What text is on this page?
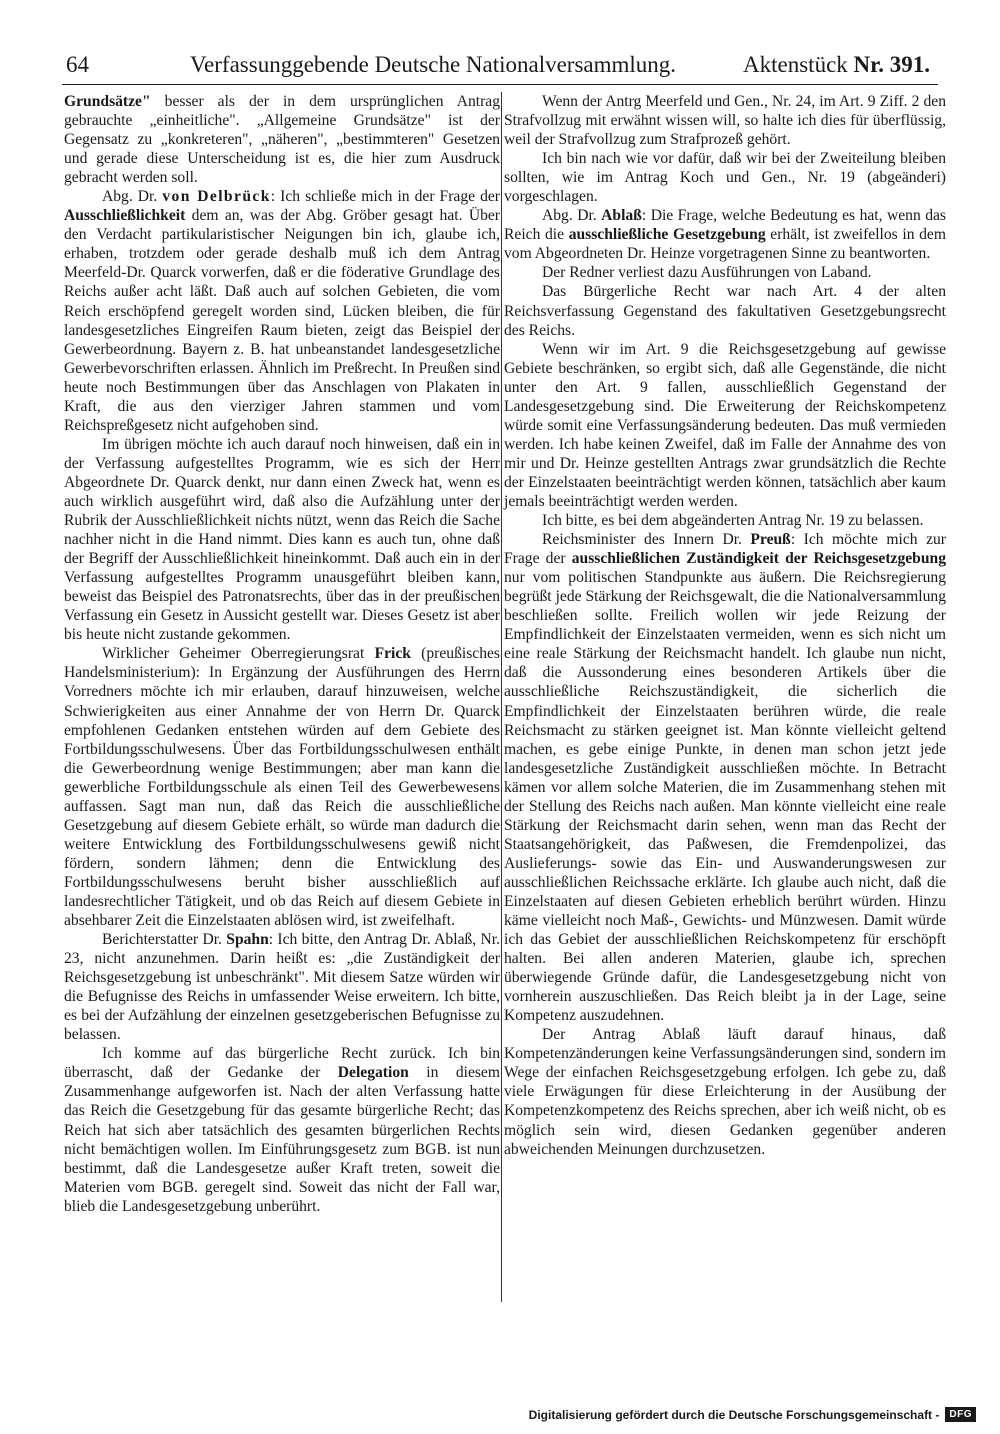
64	Verfassunggebende Deutsche Nationalversammlung.	Aktenstück Nr. 391.

Grundsätze" besser als der in dem ursprünglichen Antrag gebrauchte „einheitliche". „Allgemeine Grundsätze" ist der Gegensatz zu „konkreteren", „näheren", „bestimmteren" Gesetzen und gerade diese Unterscheidung ist es, die hier zum Ausdruck gebracht werden soll.

Abg. Dr. von Delbrück: Ich schließe mich in der Frage der Ausschließlichkeit dem an, was der Abg. Gröber gesagt hat. Über den Verdacht partikularistischer Neigungen bin ich, glaube ich, erhaben, trotzdem oder gerade deshalb muß ich dem Antrag Meerfeld-Dr. Quarck vorwerfen, daß er die föderative Grundlage des Reichs außer acht läßt. Daß auch auf solchen Gebieten, die vom Reich erschöpfend geregelt worden sind, Lücken bleiben, die für landesgesetzliches Eingreifen Raum bieten, zeigt das Beispiel der Gewerbeordnung. Bayern z. B. hat unbeanstandet landesgesetzliche Gewerbevorschriften erlassen. Ähnlich im Preßrecht. In Preußen sind heute noch Bestimmungen über das Anschlagen von Plakaten in Kraft, die aus den vierziger Jahren stammen und vom Reichspreßgesetz nicht aufgehoben sind.

Im übrigen möchte ich auch darauf noch hinweisen, daß ein in der Verfassung aufgestelltes Programm, wie es sich der Herr Abgeordnete Dr. Quarck denkt, nur dann einen Zweck hat, wenn es auch wirklich ausgeführt wird, daß also die Aufzählung unter der Rubrik der Ausschließlichkeit nichts nützt, wenn das Reich die Sache nachher nicht in die Hand nimmt. Dies kann es auch tun, ohne daß der Begriff der Ausschließlichkeit hineinkommt. Daß auch ein in der Verfassung aufgestelltes Programm unausgeführt bleiben kann, beweist das Beispiel des Patronatsrechts, über das in der preußischen Verfassung ein Gesetz in Aussicht gestellt war. Dieses Gesetz ist aber bis heute nicht zustande gekommen.

Wirklicher Geheimer Oberregierungsrat Frick (preußisches Handelsministerium): In Ergänzung der Ausführungen des Herrn Vorredners möchte ich mir erlauben, darauf hinzuweisen, welche Schwierigkeiten aus einer Annahme der von Herrn Dr. Quarck empfohlenen Gedanken entstehen würden auf dem Gebiete des Fortbildungsschulwesens. Über das Fortbildungsschulwesen enthält die Gewerbeordnung wenige Bestimmungen; aber man kann die gewerbliche Fortbildungsschule als einen Teil des Gewerbewesens auffassen. Sagt man nun, daß das Reich die ausschließliche Gesetzgebung auf diesem Gebiete erhält, so würde man dadurch die weitere Entwicklung des Fortbildungsschulwesens gewiß nicht fördern, sondern lähmen; denn die Entwicklung des Fortbildungsschulwesens beruht bisher ausschließlich auf landesrechtlicher Tätigkeit, und ob das Reich auf diesem Gebiete in absehbarer Zeit die Einzelstaaten ablösen wird, ist zweifelhaft.

Berichterstatter Dr. Spahn: Ich bitte, den Antrag Dr. Ablaß, Nr. 23, nicht anzunehmen. Darin heißt es: „die Zuständigkeit der Reichsgesetzgebung ist unbeschränkt". Mit diesem Satze würden wir die Befugnisse des Reichs in umfassender Weise erweitern. Ich bitte, es bei der Aufzählung der einzelnen gesetzgeberischen Befugnisse zu belassen.

Ich komme auf das bürgerliche Recht zurück. Ich bin überrascht, daß der Gedanke der Delegation in diesem Zusammenhange aufgeworfen ist. Nach der alten Verfassung hatte das Reich die Gesetzgebung für das gesamte bürgerliche Recht; das Reich hat sich aber tatsächlich des gesamten bürgerlichen Rechts nicht bemächtigen wollen. Im Einführungsgesetz zum BGB. ist nun bestimmt, daß die Landesgesetze außer Kraft treten, soweit die Materien vom BGB. geregelt sind. Soweit das nicht der Fall war, blieb die Landesgesetzgebung unberührt.

Wenn der Antrg Meerfeld und Gen., Nr. 24, im Art. 9 Ziff. 2 den Strafvollzug mit erwähnt wissen will, so halte ich dies für überflüssig, weil der Strafvollzug zum Strafprozeß gehört.

Ich bin nach wie vor dafür, daß wir bei der Zweiteilung bleiben sollten, wie im Antrag Koch und Gen., Nr. 19 (abgeänderi) vorgeschlagen.

Abg. Dr. Ablaß: Die Frage, welche Bedeutung es hat, wenn das Reich die ausschließliche Gesetzgebung erhält, ist zweifellos in dem vom Abgeordneten Dr. Heinze vorgetragenen Sinne zu beantworten.

Der Redner verliest dazu Ausführungen von Laband.

Das Bürgerliche Recht war nach Art. 4 der alten Reichsverfassung Gegenstand des fakultativen Gesetzgebungsrecht des Reichs.

Wenn wir im Art. 9 die Reichsgesetzgebung auf gewisse Gebiete beschränken, so ergibt sich, daß alle Gegenstände, die nicht unter den Art. 9 fallen, ausschließlich Gegenstand der Landesgesetzgebung sind. Die Erweiterung der Reichskompetenz würde somit eine Verfassungsänderung bedeuten. Das muß vermieden werden. Ich habe keinen Zweifel, daß im Falle der Annahme des von mir und Dr. Heinze gestellten Antrags zwar grundsätzlich die Rechte der Einzelstaaten beeinträchtigt werden können, tatsächlich aber kaum jemals beeinträchtigt werden werden.

Ich bitte, es bei dem abgeänderten Antrag Nr. 19 zu belassen.

Reichsminister des Innern Dr. Preuß: Ich möchte mich zur Frage der ausschließlichen Zuständigkeit der Reichsgesetzgebung nur vom politischen Standpunkte aus äußern. Die Reichsregierung begrüßt jede Stärkung der Reichsgewalt, die die Nationalversammlung beschließen sollte. Freilich wollen wir jede Reizung der Empfindlichkeit der Einzelstaaten vermeiden, wenn es sich nicht um eine reale Stärkung der Reichsmacht handelt. Ich glaube nun nicht, daß die Aussonderung eines besonderen Artikels über die ausschließliche Reichszuständigkeit, die sicherlich die Empfindlichkeit der Einzelstaaten berühren würde, die reale Reichsmacht zu stärken geeignet ist. Man könnte vielleicht geltend machen, es gebe einige Punkte, in denen man schon jetzt jede landesgesetzliche Zuständigkeit ausschließen möchte. In Betracht kämen vor allem solche Materien, die im Zusammenhang stehen mit der Stellung des Reichs nach außen. Man könnte vielleicht eine reale Stärkung der Reichsmacht darin sehen, wenn man das Recht der Staatsangehörigkeit, das Paßwesen, die Fremdenpolizei, das Auslieferungs- sowie das Ein- und Auswanderungswesen zur ausschließlichen Reichssache erklärte. Ich glaube auch nicht, daß die Einzelstaaten auf diesen Gebieten erheblich berührt würden. Hinzu käme vielleicht noch Maß-, Gewichts- und Münzwesen. Damit würde ich das Gebiet der ausschließlichen Reichskompetenz für erschöpft halten. Bei allen anderen Materien, glaube ich, sprechen überwiegende Gründe dafür, die Landesgesetzgebung nicht von vornherein auszuschließen. Das Reich bleibt ja in der Lage, seine Kompetenz auszudehnen.

Der Antrag Ablaß läuft darauf hinaus, daß Kompetenzänderungen keine Verfassungsänderungen sind, sondern im Wege der einfachen Reichsgesetzgebung erfolgen. Ich gebe zu, daß viele Erwägungen für diese Erleichterung in der Ausübung der Kompetenzkompetenz des Reichs sprechen, aber ich weiß nicht, ob es möglich sein wird, diesen Gedanken gegenüber anderen abweichenden Meinungen durchzusetzen.

Digitalisierung gefördert durch die Deutsche Forschungsgemeinschaft -	DFG
